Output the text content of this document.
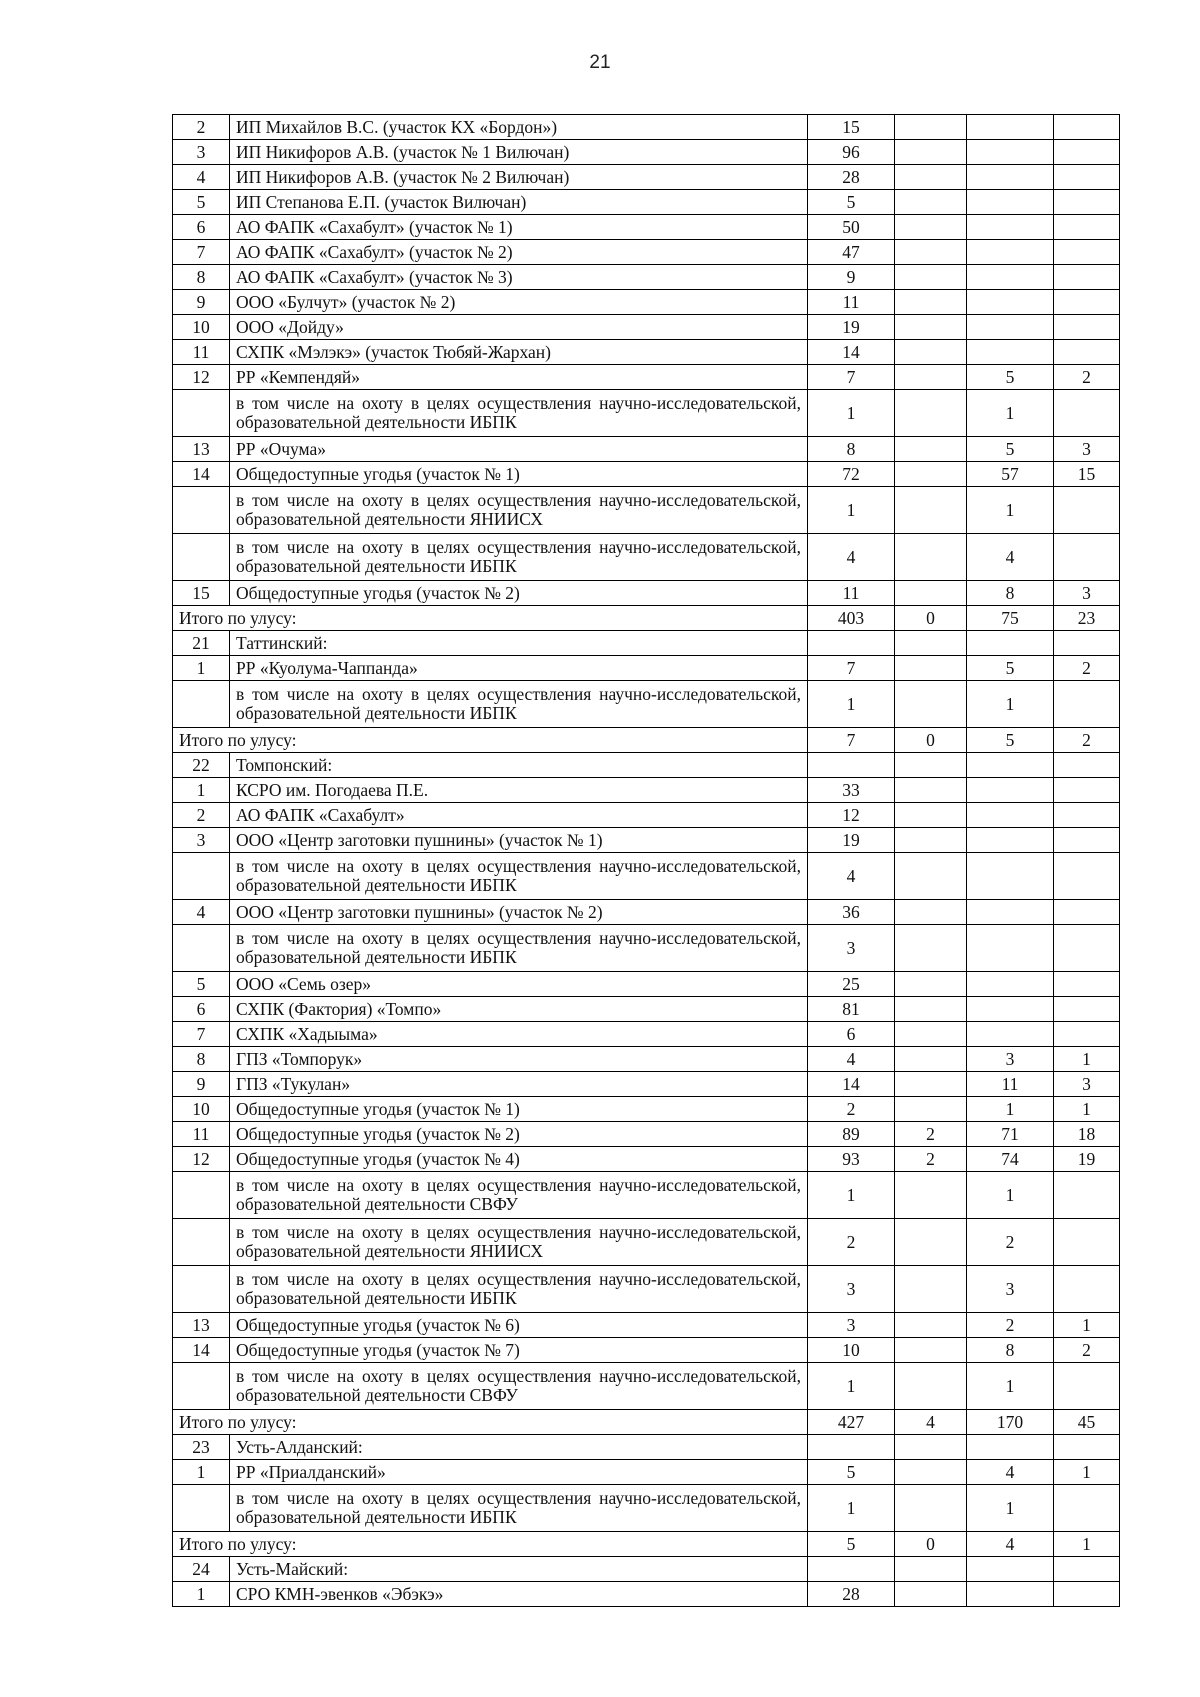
21
2	ИП Михайлов В.С. (участок КХ «Бордон»)	15			
3	ИП Никифоров А.В. (участок № 1 Вилючан)	96			
4	ИП Никифоров А.В. (участок № 2 Вилючан)	28			
5	ИП Степанова Е.П. (участок Вилючан)	5			
6	АО ФАПК «Сахабулт» (участок № 1)	50			
7	АО ФАПК «Сахабулт» (участок № 2)	47			
8	АО ФАПК «Сахабулт» (участок № 3)	9			
9	ООО «Булчут» (участок № 2)	11			
10	ООО «Дойду»	19			
11	СХПК «Мэлэкэ» (участок Тюбяй-Жархан)	14			
12	РР «Кемпендяй»	7		5	2
	в том числе на охоту в целях осуществления научно-исследовательской, образовательной деятельности ИБПК	1		1	
13	РР «Очума»	8		5	3
14	Общедоступные угодья (участок № 1)	72		57	15
	в том числе на охоту в целях осуществления научно-исследовательской, образовательной деятельности ЯНИИСХ	1		1	
	в том числе на охоту в целях осуществления научно-исследовательской, образовательной деятельности ИБПК	4		4	
15	Общедоступные угодья (участок № 2)	11		8	3
Итого по улусу:		403	0	75	23
21	Таттинский:				
1	РР «Куолума-Чаппанда»	7		5	2
	в том числе на охоту в целях осуществления научно-исследовательской, образовательной деятельности ИБПК	1		1	
Итого по улусу:		7	0	5	2
22	Томпонский:				
1	КСРО им. Погодаева П.Е.	33			
2	АО ФАПК «Сахабулт»	12			
3	ООО «Центр заготовки пушнины» (участок № 1)	19			
	в том числе на охоту в целях осуществления научно-исследовательской, образовательной деятельности ИБПК	4			
4	ООО «Центр заготовки пушнины» (участок № 2)	36			
	в том числе на охоту в целях осуществления научно-исследовательской, образовательной деятельности ИБПК	3			
5	ООО «Семь озер»	25			
6	СХПК (Фактория) «Томпо»	81			
7	СХПК «Хадыыма»	6			
8	ГПЗ «Томпорук»	4		3	1
9	ГПЗ «Тукулан»	14		11	3
10	Общедоступные угодья (участок № 1)	2		1	1
11	Общедоступные угодья (участок № 2)	89	2	71	18
12	Общедоступные угодья (участок № 4)	93	2	74	19
	в том числе на охоту в целях осуществления научно-исследовательской, образовательной деятельности СВФУ	1		1	
	в том числе на охоту в целях осуществления научно-исследовательской, образовательной деятельности ЯНИИСХ	2		2	
	в том числе на охоту в целях осуществления научно-исследовательской, образовательной деятельности ИБПК	3		3	
13	Общедоступные угодья (участок № 6)	3		2	1
14	Общедоступные угодья (участок № 7)	10		8	2
	в том числе на охоту в целях осуществления научно-исследовательской, образовательной деятельности СВФУ	1		1	
Итого по улусу:		427	4	170	45
23	Усть-Алданский:				
1	РР «Приалданский»	5		4	1
	в том числе на охоту в целях осуществления научно-исследовательской, образовательной деятельности ИБПК	1		1	
Итого по улусу:		5	0	4	1
24	Усть-Майский:				
1	СРО КМН-эвенков «Эбэкэ»	28			
